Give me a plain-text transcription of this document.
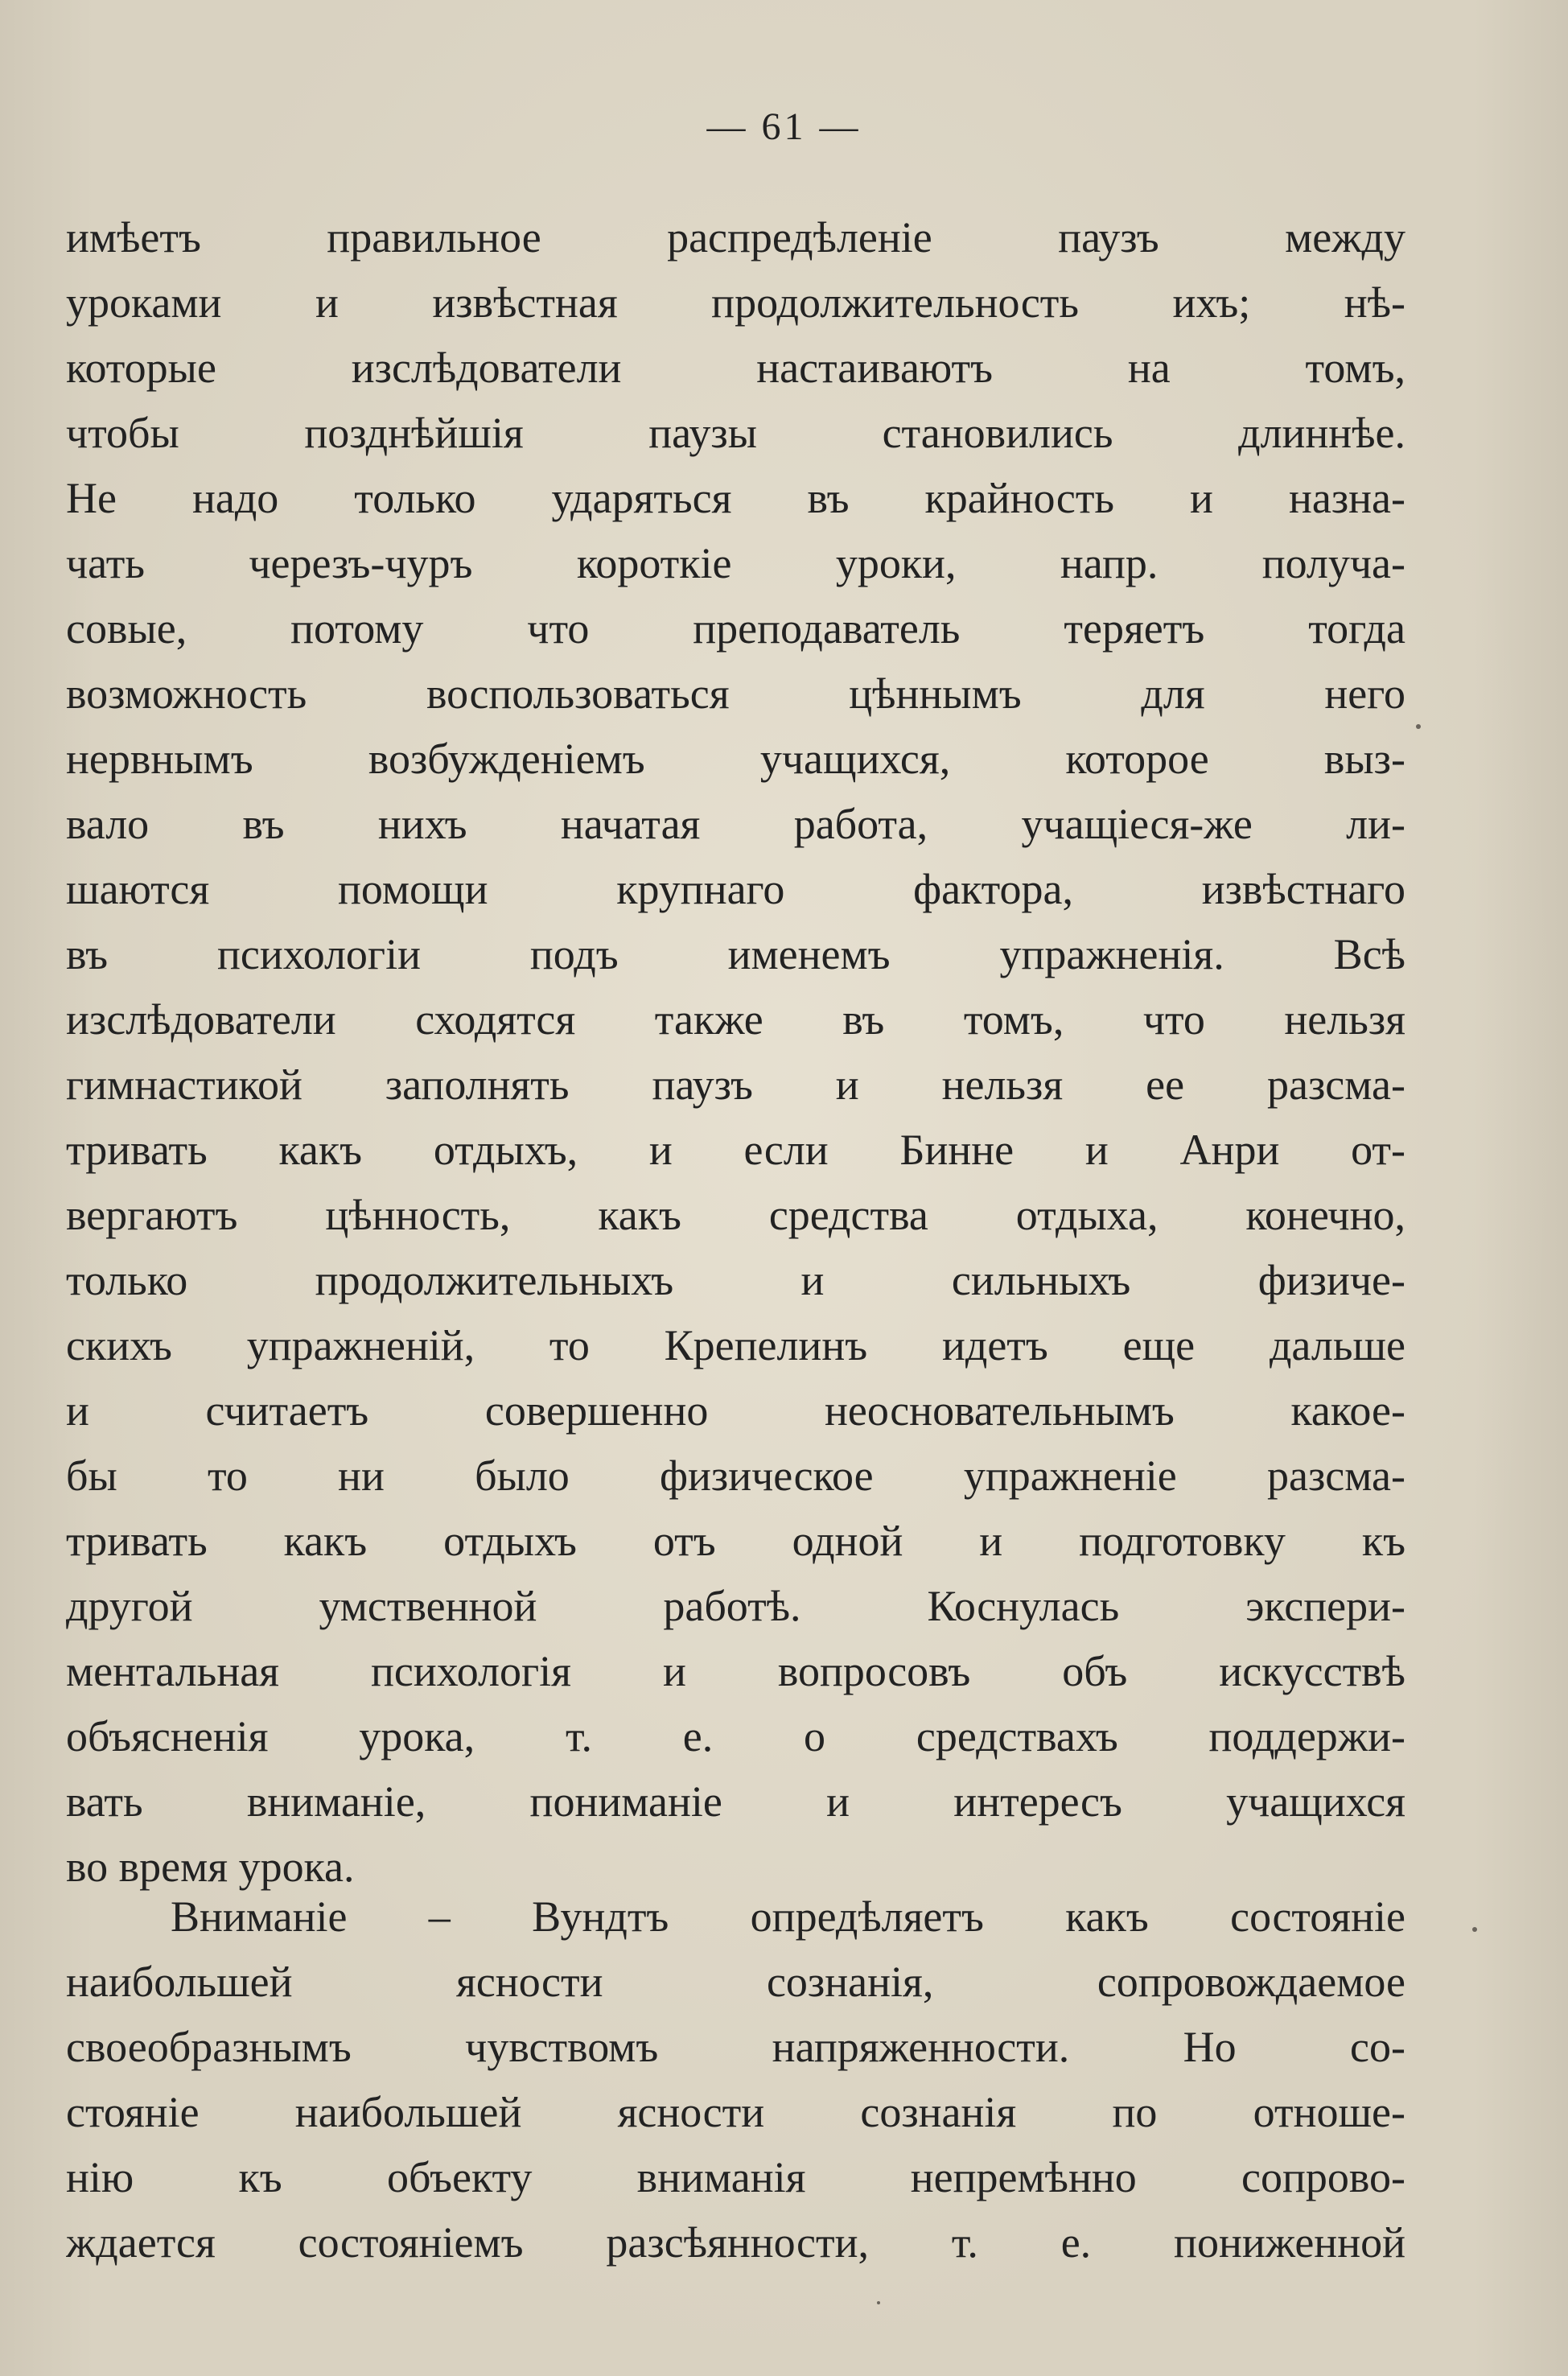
— 61 —
имѣетъ правильное распредѣленіе паузъ между
уроками и извѣстная продолжительность ихъ; нѣ-
которые изслѣдователи настаиваютъ на томъ,
чтобы позднѣйшія паузы становились длиннѣе.
Не надо только ударяться въ крайность и назна-
чать черезъ-чуръ короткіе уроки, напр. получа-
совые, потому что преподаватель теряетъ тогда
возможность воспользоваться цѣннымъ для него
нервнымъ возбужденіемъ учащихся, которое выз-
вало въ нихъ начатая работа, учащіеся-же ли-
шаются помощи крупнаго фактора, извѣстнаго
въ психологіи подъ именемъ упражненія. Всѣ
изслѣдователи сходятся также въ томъ, что нельзя
гимнастикой заполнять паузъ и нельзя ее разсма-
тривать какъ отдыхъ, и если Бинне и Анри от-
вергаютъ цѣнность, какъ средства отдыха, конечно,
только продолжительныхъ и сильныхъ физиче-
скихъ упражненій, то Крепелинъ идетъ еще дальше
и считаетъ совершенно неосновательнымъ какое-
бы то ни было физическое упражненіе разсма-
тривать какъ отдыхъ отъ одной и подготовку къ
другой умственной работѣ. Коснулась экспери-
ментальная психологія и вопросовъ объ искусствѣ
объясненія урока, т. е. о средствахъ поддержи-
вать вниманіе, пониманіе и интересъ учащихся
во время урока.
Вниманіе – Вундтъ опредѣляетъ какъ состояніе
наибольшей ясности сознанія, сопровождаемое
своеобразнымъ чувствомъ напряженности. Но со-
стояніе наибольшей ясности сознанія по отноше-
нію къ объекту вниманія непремѣнно сопрово-
ждается состояніемъ разсѣянности, т. е. пониженной
